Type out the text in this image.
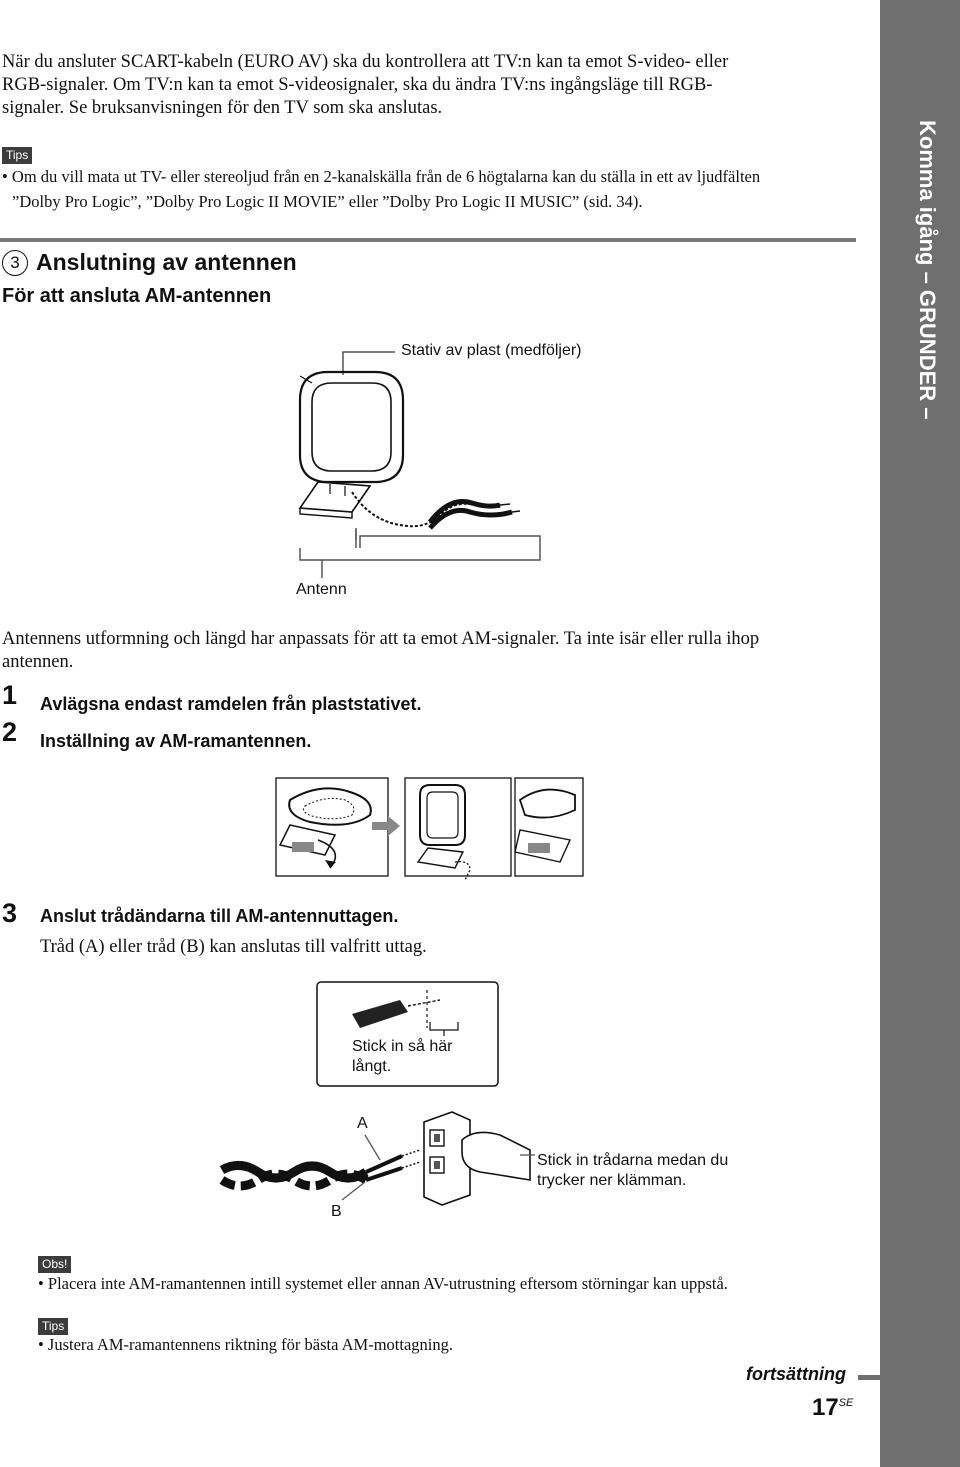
Komma igång – GRUNDER –
När du ansluter SCART-kabeln (EURO AV) ska du kontrollera att TV:n kan ta emot S-video- eller
RGB-signaler. Om TV:n kan ta emot S-videosignaler, ska du ändra TV:ns ingångsläge till RGB-
signaler. Se bruksanvisningen för den TV som ska anslutas.
Tips
• Om du vill mata ut TV- eller stereoljud från en 2-kanalskälla från de 6 högtalarna kan du ställa in ett av ljudfälten
”Dolby Pro Logic”, ”Dolby Pro Logic II MOVIE” eller ”Dolby Pro Logic II MUSIC” (sid. 34).
3 Anslutning av antennen
För att ansluta AM-antennen
Stativ av plast (medföljer)
Antenn
Antennens utformning och längd har anpassats för att ta emot AM-signaler. Ta inte isär eller rulla ihop
antennen.
1 Avlägsna endast ramdelen från plaststativet.
2 Inställning av AM-ramantennen.
3 Anslut trådändarna till AM-antennuttagen.
Tråd (A) eller tråd (B) kan anslutas till valfritt uttag.
Stick in så här
långt.
A
B
Stick in trådarna medan du
trycker ner klämman.
Obs!
• Placera inte AM-ramantennen intill systemet eller annan AV-utrustning eftersom störningar kan uppstå.
Tips
• Justera AM-ramantennens riktning för bästa AM-mottagning.
fortsättning
$17^{SE}$
